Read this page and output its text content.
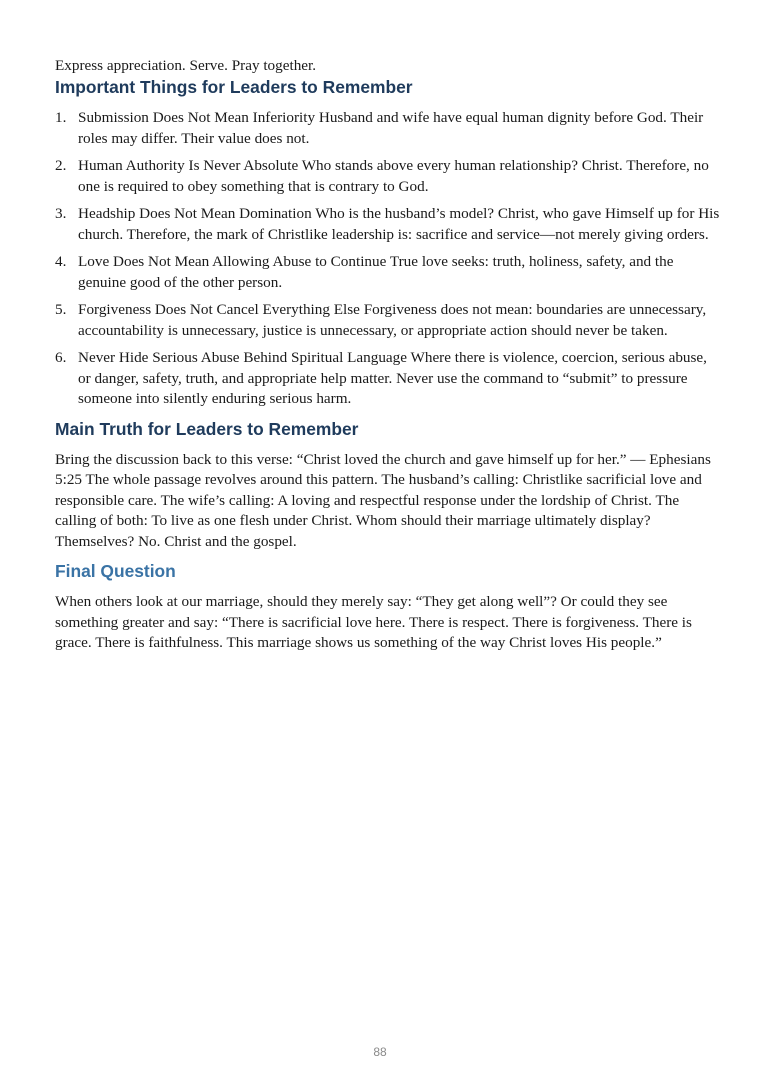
Express appreciation. Serve. Pray together.

Important Things for Leaders to Remember
1. Submission Does Not Mean Inferiority Husband and wife have equal human dignity before God. Their roles may differ. Their value does not.
2. Human Authority Is Never Absolute Who stands above every human relationship? Christ. Therefore, no one is required to obey something that is contrary to God.
3. Headship Does Not Mean Domination Who is the husband’s model? Christ, who gave Himself up for His church. Therefore, the mark of Christlike leadership is: sacrifice and service—not merely giving orders.
4. Love Does Not Mean Allowing Abuse to Continue True love seeks: truth, holiness, safety, and the genuine good of the other person.
5. Forgiveness Does Not Cancel Everything Else Forgiveness does not mean: boundaries are unnecessary, accountability is unnecessary, justice is unnecessary, or appropriate action should never be taken.
6. Never Hide Serious Abuse Behind Spiritual Language Where there is violence, coercion, serious abuse, or danger, safety, truth, and appropriate help matter. Never use the command to “submit” to pressure someone into silently enduring serious harm.
Main Truth for Leaders to Remember

Bring the discussion back to this verse: “Christ loved the church and gave himself up for her.” — Ephesians 5:25 The whole passage revolves around this pattern. The husband’s calling: Christlike sacrificial love and responsible care. The wife’s calling: A loving and respectful response under the lordship of Christ. The calling of both: To live as one flesh under Christ. Whom should their marriage ultimately display? Themselves? No. Christ and the gospel.

Final Question

When others look at our marriage, should they merely say: “They get along well”? Or could they see something greater and say: “There is sacrificial love here. There is respect. There is forgiveness. There is grace. There is faithfulness. This marriage shows us something of the way Christ loves His people.”

88
